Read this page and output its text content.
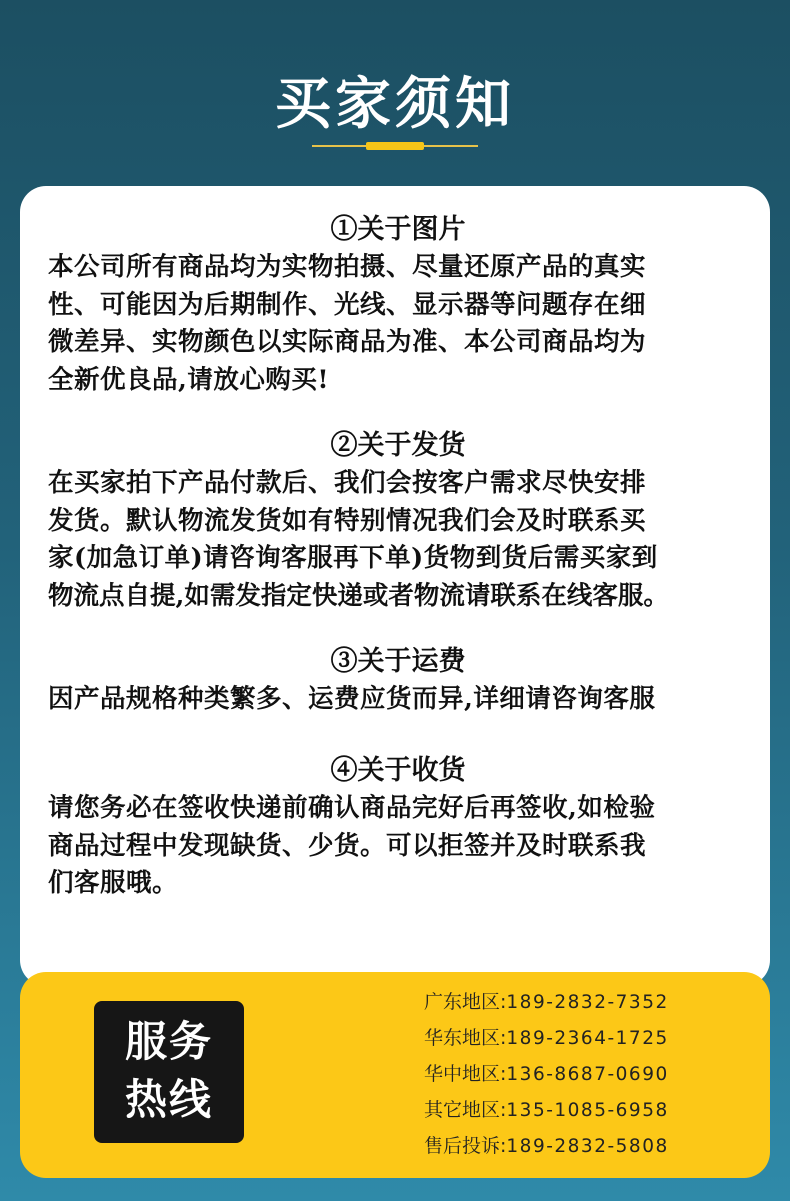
买家须知
①关于图片
本公司所有商品均为实物拍摄、尽量还原产品的真实
性、可能因为后期制作、光线、显示器等问题存在细
微差异、实物颜色以实际商品为准、本公司商品均为
全新优良品,请放心购买!
②关于发货
在买家拍下产品付款后、我们会按客户需求尽快安排
发货。默认物流发货如有特别情况我们会及时联系买
家(加急订单)请咨询客服再下单)货物到货后需买家到
物流点自提,如需发指定快递或者物流请联系在线客服。
③关于运费
因产品规格种类繁多、运费应货而异,详细请咨询客服
④关于收货
请您务必在签收快递前确认商品完好后再签收,如检验
商品过程中发现缺货、少货。可以拒签并及时联系我
们客服哦。
服务
热线
广东地区:189-2832-7352
华东地区:189-2364-1725
华中地区:136-8687-0690
其它地区:135-1085-6958
售后投诉:189-2832-5808
